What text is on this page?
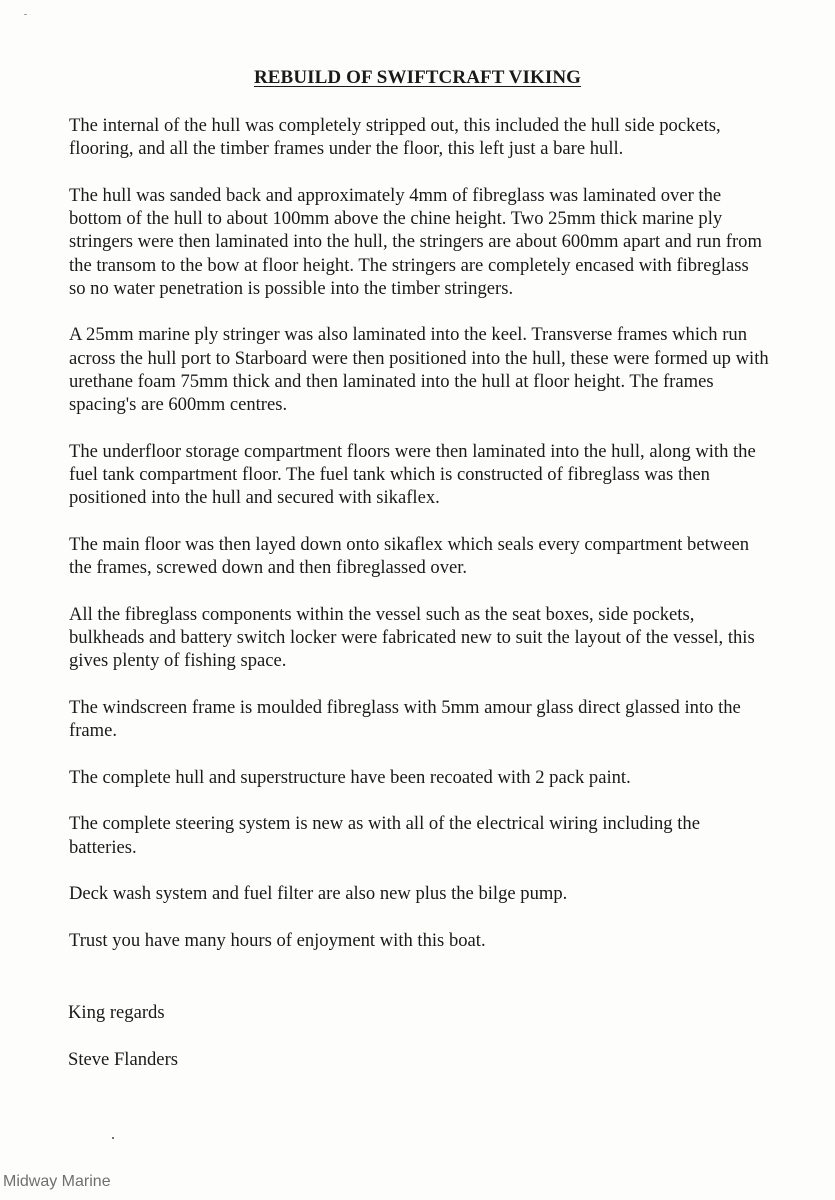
REBUILD OF SWIFTCRAFT VIKING

The internal of the hull was completely stripped out, this included the hull side pockets, flooring, and all the timber frames under the floor, this left just a bare hull.

The hull was sanded back and approximately 4mm of fibreglass was laminated over the bottom of the hull to about 100mm above the chine height. Two 25mm thick marine ply stringers were then laminated into the hull, the stringers are about 600mm apart and run from the transom to the bow at floor height. The stringers are completely encased with fibreglass so no water penetration is possible into the timber stringers.

A 25mm marine ply stringer was also laminated into the keel. Transverse frames which run across the hull port to Starboard were then positioned into the hull, these were formed up with urethane foam 75mm thick and then laminated into the hull at floor height. The frames spacing's are 600mm centres.

The underfloor storage compartment floors were then laminated into the hull, along with the fuel tank compartment floor. The fuel tank which is constructed of fibreglass was then positioned into the hull and secured with sikaflex.

The main floor was then layed down onto sikaflex which seals every compartment between the frames, screwed down and then fibreglassed over.

All the fibreglass components within the vessel such as the seat boxes, side pockets, bulkheads and battery switch locker were fabricated new to suit the layout of the vessel, this gives plenty of fishing space.

The windscreen frame is moulded fibreglass with 5mm amour glass direct glassed into the frame.

The complete hull and superstructure have been recoated with 2 pack paint.

The complete steering system is new as with all of the electrical wiring including the batteries.

Deck wash system and fuel filter are also new plus the bilge pump.

Trust you have many hours of enjoyment with this boat.

King regards
Steve Flanders
Midway Marine
